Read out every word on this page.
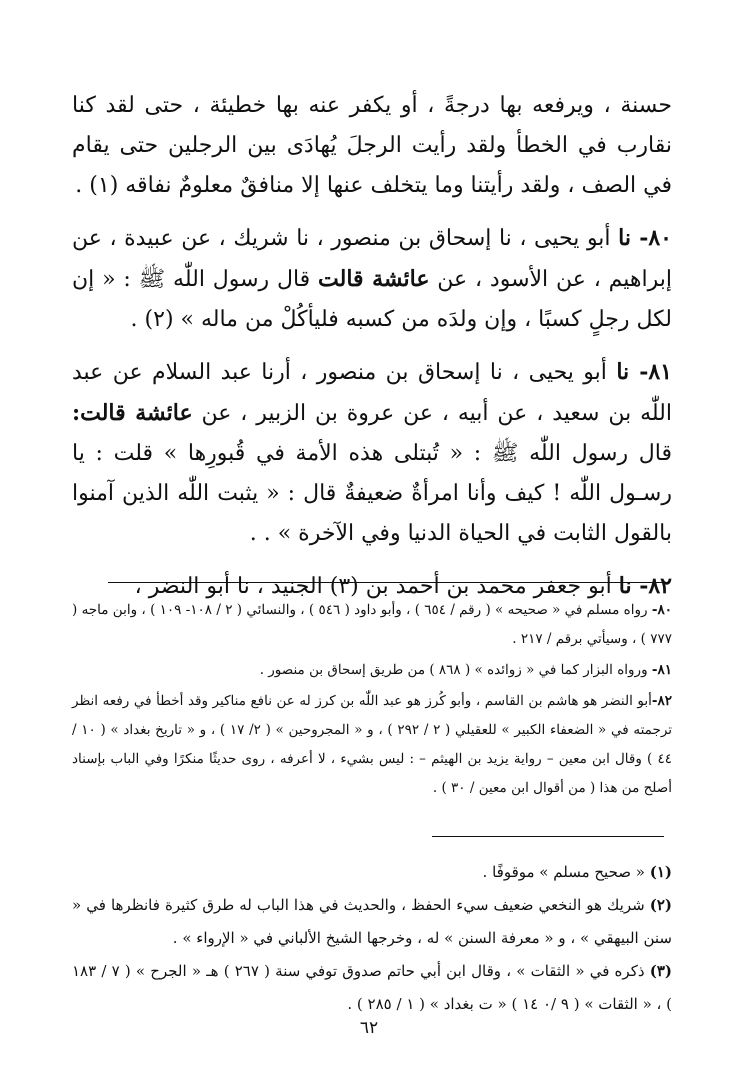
حسنة ، ويرفعه بها درجةً ، أو يكفر عنه بها خطيئة ، حتى لقد كنا نقارب في الخطأ ولقد رأيت الرجلَ يُهادَى بين الرجلين حتى يقام في الصف ، ولقد رأيتنا وما يتخلف عنها إلا منافقٌ معلومٌ نفاقه (١) .

٨٠- نا أبو يحيى ، نا إسحاق بن منصور ، نا شريك ، عن عبيدة ، عن إبراهيم ، عن الأسود ، عن عائشة قالت قال رسول اللّٰه ﷺ : « إن لكل رجلٍ كسبًا ، وإن ولدَه من كسبه فليأكُلْ من ماله » (٢) .

٨١- نا أبو يحيى ، نا إسحاق بن منصور ، أرنا عبد السلام عن عبد اللّٰه بن سعيد ، عن أبيه ، عن عروة بن الزبير ، عن عائشة قالت: قال رسول اللّٰه ﷺ : « تُبتلى هذه الأمة في قُبورِها » قلت : يا رسـول اللّٰه ! كيف وأنا امرأةٌ ضعيفةٌ قال : « يثبت اللّٰه الذين آمنوا بالقول الثابت في الحياة الدنيا وفي الآخرة » . .

٨٢- نا أبو جعفر محمد بن أحمد بن (٣) الجنيد ، نا أبو النضر ،

٨٠- رواه مسلم في « صحيحه » ( رقم / ٦٥٤ ) ، وأبو داود ( ٥٤٦ ) ، والنسائي ( ٢ / ١٠٨- ١٠٩ ) ، وابن ماجه ( ٧٧٧ ) ، وسيأتي برقم / ٢١٧ .

٨١- ورواه البزار كما في « زوائده » ( ٨٦٨ ) من طريق إسحاق بن منصور .

٨٢-أبو النضر هو هاشم بن القاسم ، وأبو كُرز هو عبد اللّٰه بن كرز له عن نافع مناكير وقد أخطأ في رفعه انظر ترجمته في « الضعفاء الكبير » للعقيلي ( ٢ / ٢٩٢ ) ، و « المجروحين » ( ٢/ ١٧ ) ، و « تاريخ بغداد » ( ١٠ / ٤٤ ) وقال ابن معين – رواية يزيد بن الهيثم – : ليس بشيء ، لا أعرفه ، روى حديثًا منكرًا وفي الباب بإسناد أصلح من هذا ( من أقوال ابن معين / ٣٠ ) .

(١) « صحيح مسلم » موقوفًا .

(٢) شريك هو النخعي ضعيف سيء الحفظ ، والحديث في هذا الباب له طرق كثيرة فانظرها في « سنن البيهقي » ، و « معرفة السنن » له ، وخرجها الشيخ الألباني في « الإرواء » .

(٣) ذكره في « الثقات » ، وقال ابن أبي حاتم صدوق توفي سنة ( ٢٦٧ ) هـ « الجرح » ( ٧ / ١٨٣ ) ، « الثقات » ( ٩ /٠ ١٤ ) « ت بغداد » ( ١ / ٢٨٥ ) .

٦٢
